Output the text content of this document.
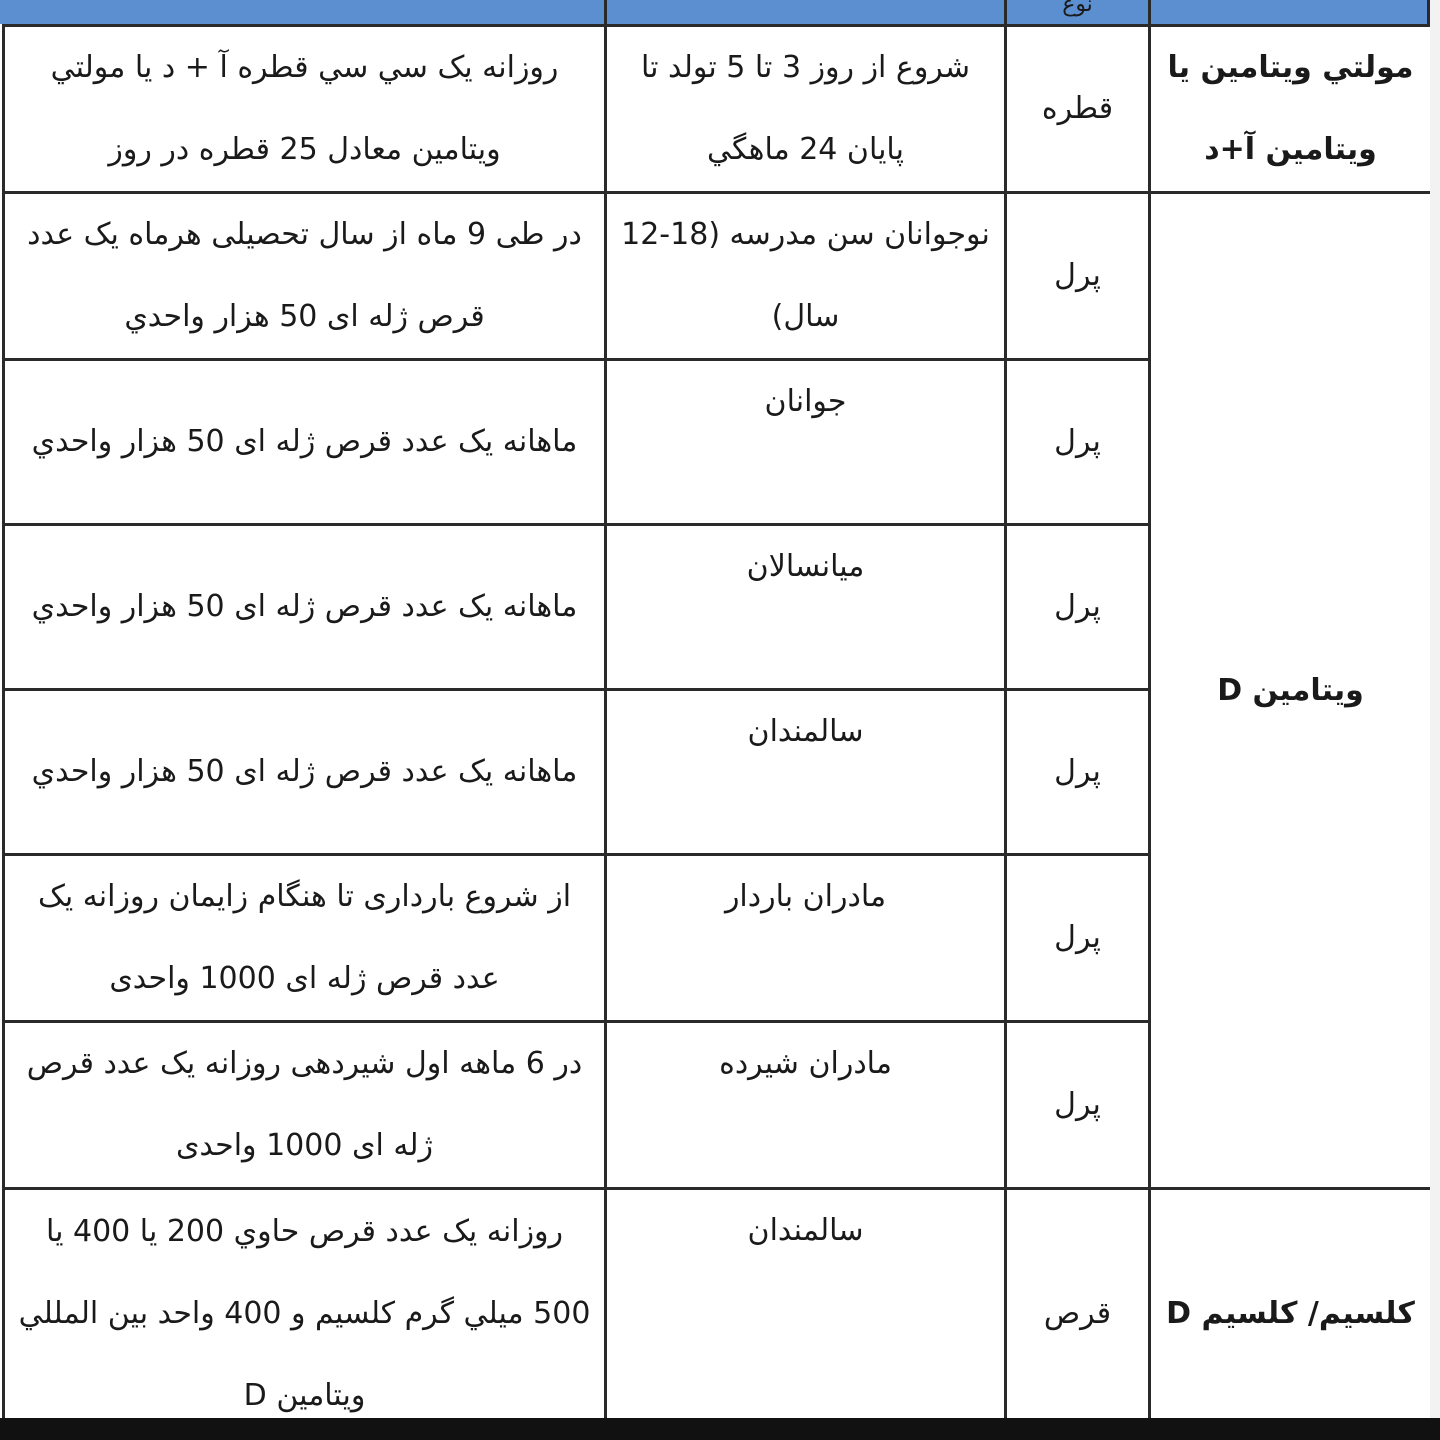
نوع
مولتي ويتامين يا ويتامين آ+د	قطره	شروع از روز 3 تا 5 تولد تا پايان 24 ماهگي	روزانه يک سي سي قطره آ + د يا مولتي ويتامين معادل 25 قطره در روز
ويتامين D	پرل	نوجوانان سن مدرسه (18-12 سال)	در طی 9 ماه از سال تحصیلی هرماه يک عدد قرص ژله ای 50 هزار واحدي
	پرل	جوانان	ماهانه يک عدد قرص ژله ای 50 هزار واحدي
	پرل	ميانسالان	ماهانه يک عدد قرص ژله ای 50 هزار واحدي
	پرل	سالمندان	ماهانه يک عدد قرص ژله ای 50 هزار واحدي
	پرل	مادران باردار	از شروع بارداری تا هنگام زايمان روزانه يک عدد قرص ژله ای 1000 واحدی
	پرل	مادران شيرده	در 6 ماهه اول شيردهی روزانه يک عدد قرص ژله ای 1000 واحدی
كلسيم/ كلسيم D	قرص	سالمندان	روزانه يک عدد قرص حاوي 200 يا 400 يا 500 ميلي گرم كلسيم و 400 واحد بين المللي ويتامين D
